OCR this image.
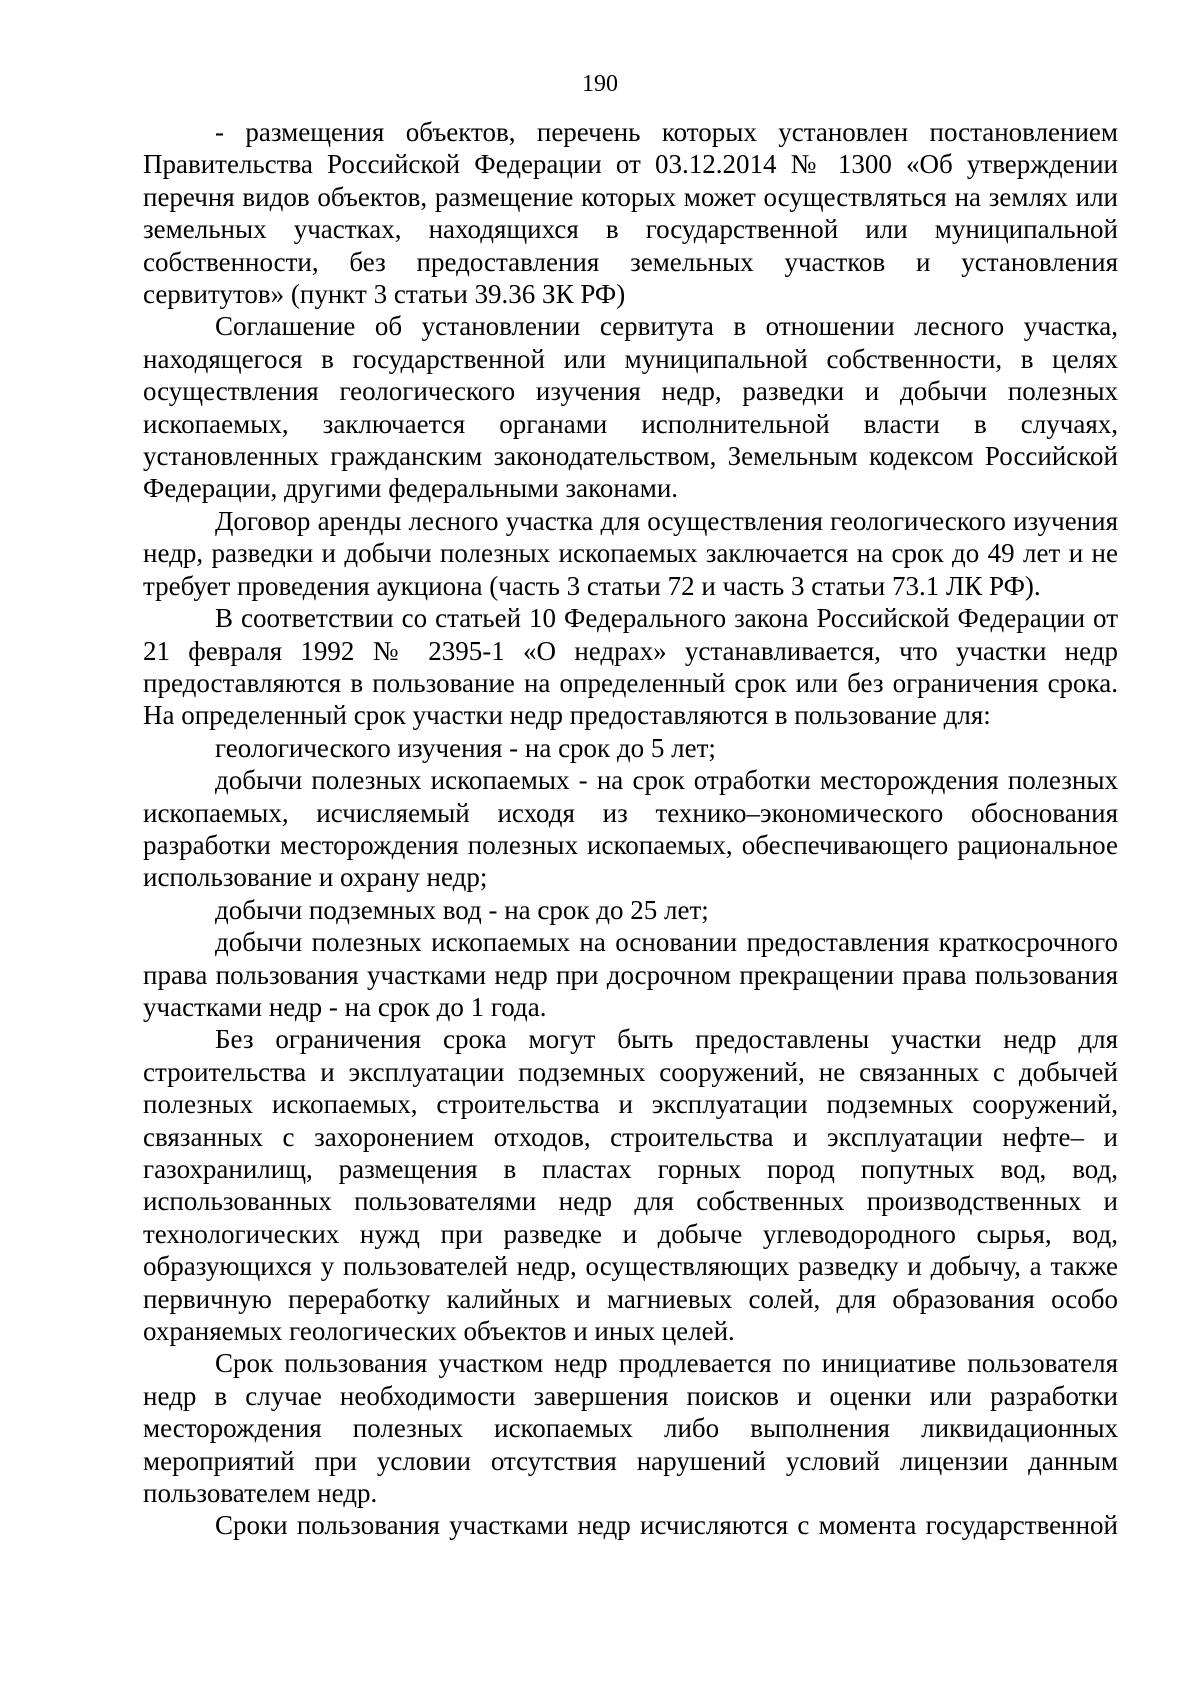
190

- размещения объектов, перечень которых установлен постановлением Правительства Российской Федерации от 03.12.2014 № 1300 «Об утверждении перечня видов объектов, размещение которых может осуществляться на землях или земельных участках, находящихся в государственной или муниципальной собственности, без предоставления земельных участков и установления сервитутов» (пункт 3 статьи 39.36 ЗК РФ)

Соглашение об установлении сервитута в отношении лесного участка, находящегося в государственной или муниципальной собственности, в целях осуществления геологического изучения недр, разведки и добычи полезных ископаемых, заключается органами исполнительной власти в случаях, установленных гражданским законодательством, Земельным кодексом Российской Федерации, другими федеральными законами.

Договор аренды лесного участка для осуществления геологического изучения недр, разведки и добычи полезных ископаемых заключается на срок до 49 лет и не требует проведения аукциона (часть 3 статьи 72 и часть 3 статьи 73.1 ЛК РФ).

В соответствии со статьей 10 Федерального закона Российской Федерации от 21 февраля 1992 № 2395-1 «О недрах» устанавливается, что участки недр предоставляются в пользование на определенный срок или без ограничения срока. На определенный срок участки недр предоставляются в пользование для:

геологического изучения - на срок до 5 лет;

добычи полезных ископаемых - на срок отработки месторождения полезных ископаемых, исчисляемый исходя из технико–экономического обоснования разработки месторождения полезных ископаемых, обеспечивающего рациональное использование и охрану недр;

добычи подземных вод - на срок до 25 лет;

добычи полезных ископаемых на основании предоставления краткосрочного права пользования участками недр при досрочном прекращении права пользования участками недр - на срок до 1 года.

Без ограничения срока могут быть предоставлены участки недр для строительства и эксплуатации подземных сооружений, не связанных с добычей полезных ископаемых, строительства и эксплуатации подземных сооружений, связанных с захоронением отходов, строительства и эксплуатации нефте– и газохранилищ, размещения в пластах горных пород попутных вод, вод, использованных пользователями недр для собственных производственных и технологических нужд при разведке и добыче углеводородного сырья, вод, образующихся у пользователей недр, осуществляющих разведку и добычу, а также первичную переработку калийных и магниевых солей, для образования особо охраняемых геологических объектов и иных целей.

Срок пользования участком недр продлевается по инициативе пользователя недр в случае необходимости завершения поисков и оценки или разработки месторождения полезных ископаемых либо выполнения ликвидационных мероприятий при условии отсутствия нарушений условий лицензии данным пользователем недр.

Сроки пользования участками недр исчисляются с момента государственной
